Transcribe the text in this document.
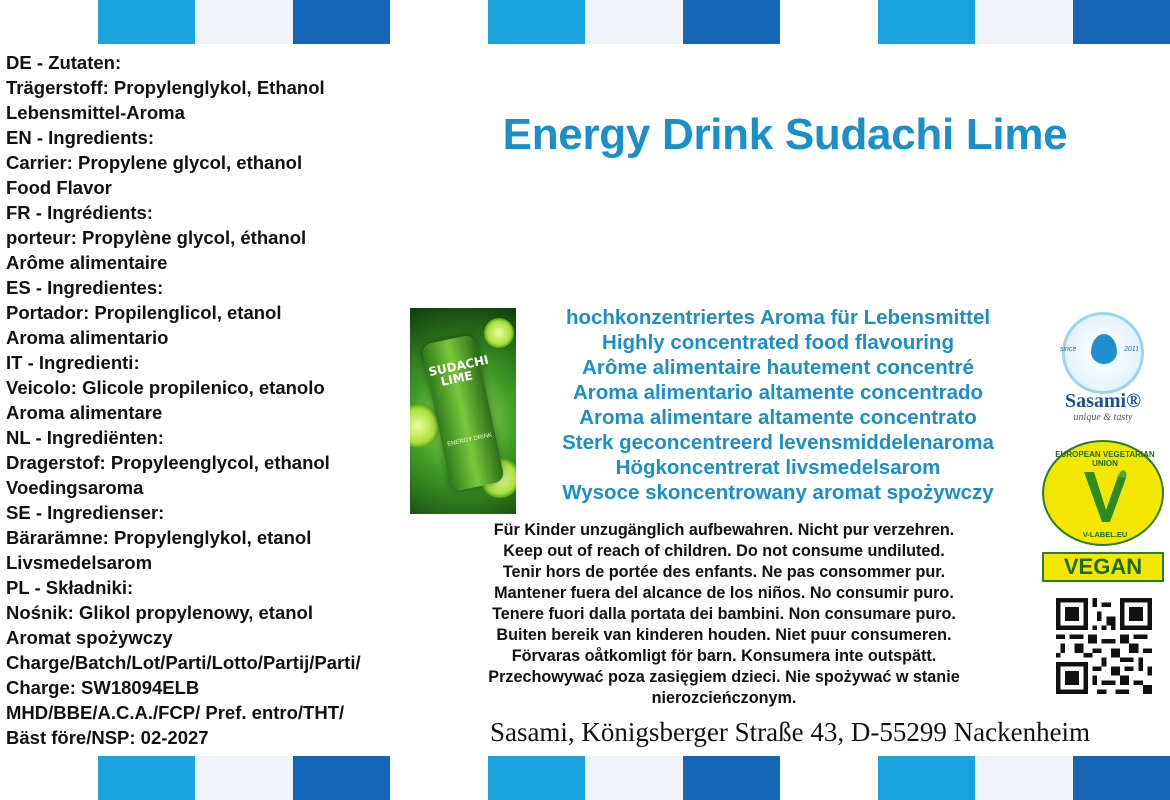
DE - Zutaten:
Trägerstoff: Propylenglykol, Ethanol
Lebensmittel-Aroma
EN - Ingredients:
Carrier: Propylene glycol, ethanol
Food Flavor
FR - Ingrédients:
porteur: Propylène glycol, éthanol
Arôme alimentaire
ES - Ingredientes:
Portador: Propilenglicol, etanol
Aroma alimentario
IT - Ingredienti:
Veicolo: Glicole propilenico, etanolo
Aroma alimentare
NL - Ingrediënten:
Dragerstof: Propyleenglycol, ethanol
Voedingsaroma
SE - Ingredienser:
Bärarämne: Propylenglykol, etanol
Livsmedelsarom
PL - Składniki:
Nośnik: Glikol propylenowy, etanol
Aromat spożywczy
Charge/Batch/Lot/Parti/Lotto/Partij/Parti/
Charge: SW18094ELB
MHD/BBE/A.C.A./FCP/ Pref. entro/THT/
Bäst före/NSP: 02-2027
Energy Drink Sudachi Lime
SUDACHI LIME
ENERGY DRINK
hochkonzentriertes Aroma für Lebensmittel
Highly concentrated food flavouring
Arôme alimentaire hautement concentré
Aroma alimentario altamente concentrado
Aroma alimentare altamente concentrato
Sterk geconcentreerd levensmiddelenaroma
Högkoncentrerat livsmedelsarom
Wysoce skoncentrowany aromat spożywczy
Für Kinder unzugänglich aufbewahren. Nicht pur verzehren.
Keep out of reach of children. Do not consume undiluted.
Tenir hors de portée des enfants. Ne pas consommer pur.
Mantener fuera del alcance de los niños. No consumir puro.
Tenere fuori dalla portata dei bambini. Non consumare puro.
Buiten bereik van kinderen houden. Niet puur consumeren.
Förvaras oåtkomligt för barn. Konsumera inte outspätt.
Przechowywać poza zasięgiem dzieci. Nie spożywać w stanie
nierozcieńczonym.
Sasami, Königsberger Straße 43, D-55299 Nackenheim
since	2011
Sasami®
unique & tasty
EUROPEAN VEGETARIAN UNION
V-LABEL.EU
VEGAN
